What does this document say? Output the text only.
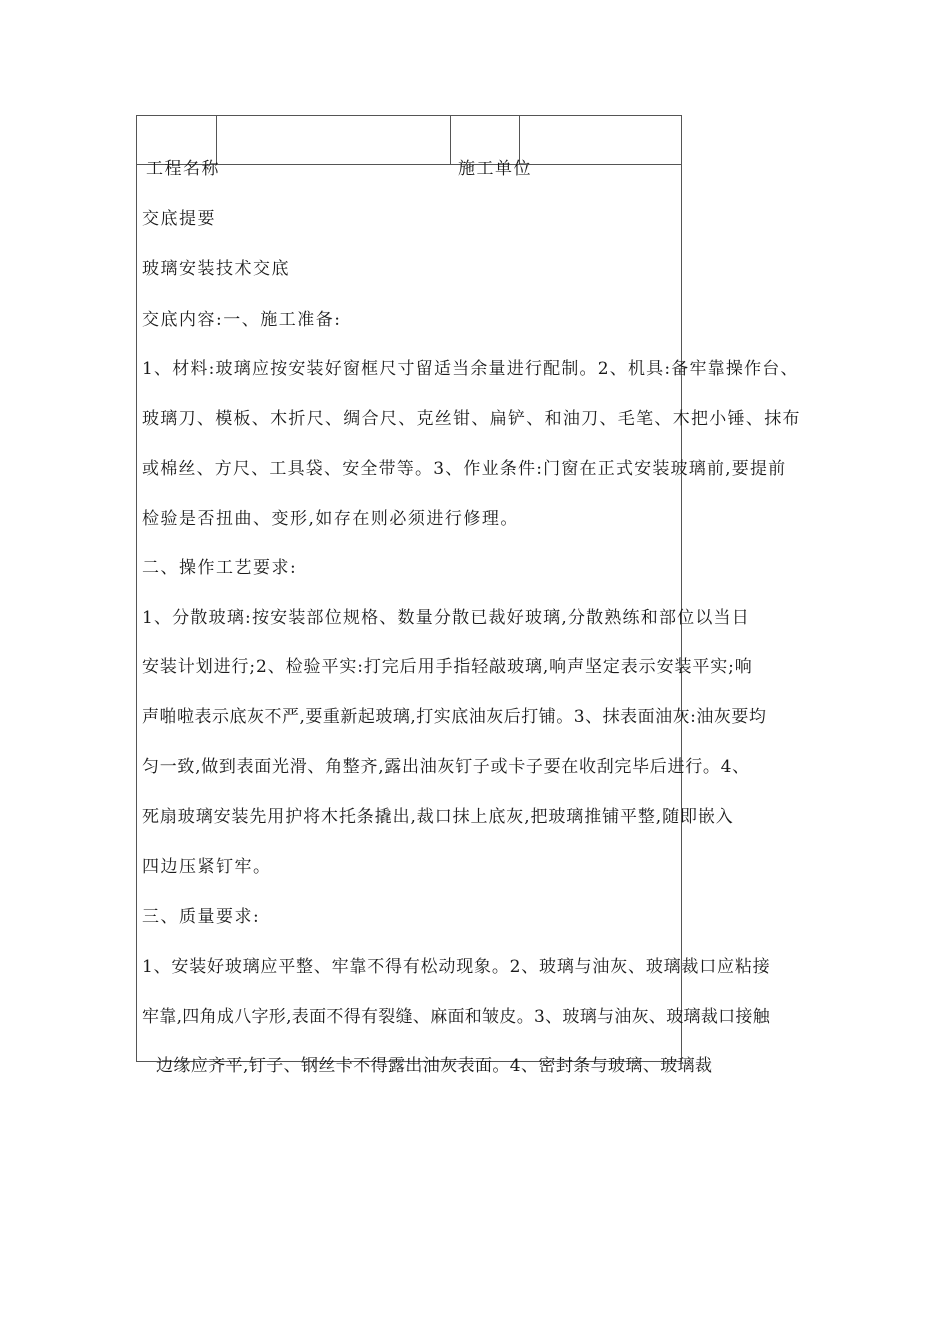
工程名称	施工单位
交底提要
玻璃安装技术交底
交底内容:一、施工准备:
1、材料:玻璃应按安装好窗框尺寸留适当余量进行配制。2、机具:备牢靠操作台、
玻璃刀、模板、木折尺、绸合尺、克丝钳、扁铲、和油刀、毛笔、木把小锤、抹布
或棉丝、方尺、工具袋、安全带等。3、作业条件:门窗在正式安装玻璃前,要提前
检验是否扭曲、变形,如存在则必须进行修理。
二、操作工艺要求:
1、分散玻璃:按安装部位规格、数量分散已裁好玻璃,分散熟练和部位以当日
安装计划进行;2、检验平实:打完后用手指轻敲玻璃,响声坚定表示安装平实;响
声啪啦表示底灰不严,要重新起玻璃,打实底油灰后打铺。3、抹表面油灰:油灰要均
匀一致,做到表面光滑、角整齐,露出油灰钉子或卡子要在收刮完毕后进行。4、
死扇玻璃安装先用护将木托条撬出,裁口抹上底灰,把玻璃推铺平整,随即嵌入
四边压紧钉牢。
三、质量要求:
1、安装好玻璃应平整、牢靠不得有松动现象。2、玻璃与油灰、玻璃裁口应粘接
牢靠,四角成八字形,表面不得有裂缝、麻面和皱皮。3、玻璃与油灰、玻璃裁口接触
边缘应齐平,钉子、钢丝卡不得露出油灰表面。4、密封条与玻璃、玻璃裁
